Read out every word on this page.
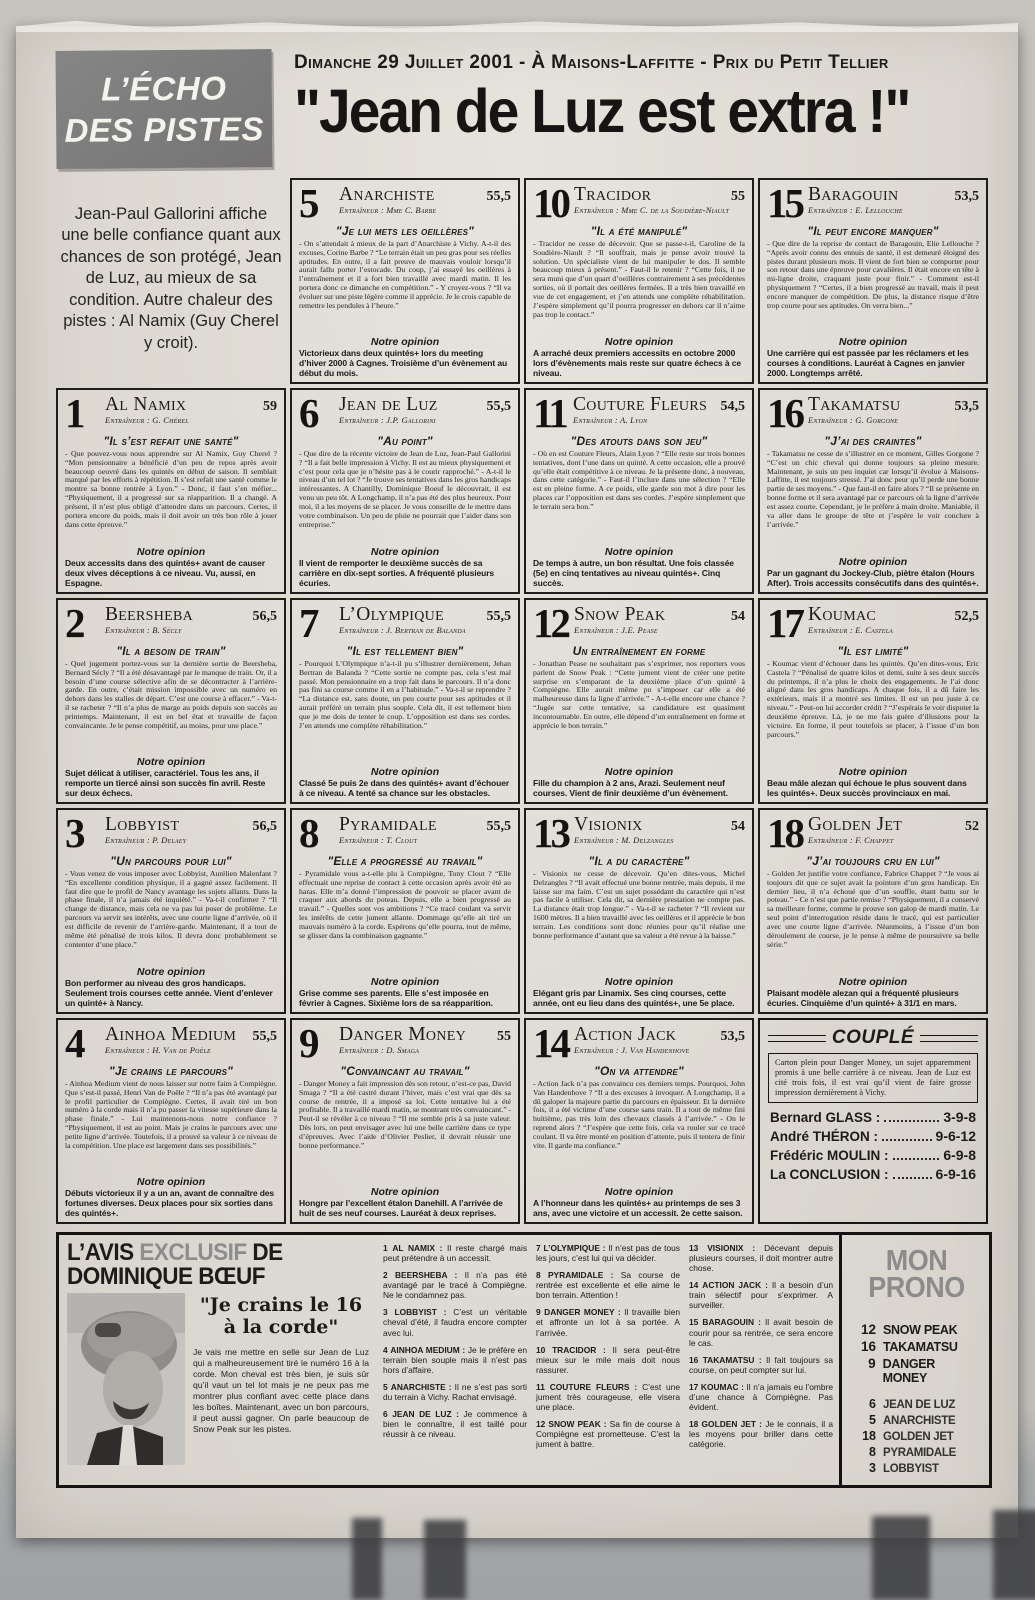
L’ÉCHO
DES PISTES
Dimanche 29 Juillet 2001 - À Maisons-Laffitte - Prix du Petit Tellier
"Jean de Luz est extra !"
Jean-Paul Gallorini affiche une belle confiance quant aux chances de son protégé, Jean de Luz, au mieux de sa condition. Autre chaleur des pistes : Al Namix (Guy Cherel y croit).
1	Al Namix	59
Entraîneur : G. Chérel
"Il s’est refait une santé"
- Que pouvez-vous nous apprendre sur Al Namix, Guy Cherel ? “Mon pensionnaire a bénéficié d’un peu de repos après avoir beaucoup oeuvré dans les quintés en début de saison. Il semblait marqué par les efforts à répétition. Il s’est refait une santé comme le montre sa bonne rentrée à Lyon.” - Donc, il faut s’en méfier... “Physiquement, il a progressé sur sa réapparition. Il a changé. A présent, il n’est plus obligé d’attendre dans un parcours. Certes, il portera encore du poids, mais il doit avoir un très bon rôle à jouer dans cette épreuve.”
Notre opinion
Deux accessits dans des quintés+ avant de causer deux vives déceptions à ce niveau. Vu, aussi, en Espagne.
2	Beersheba	56,5
Entraîneur : B. Sécly
"Il a besoin de train"
- Quel jugement portez-vous sur la dernière sortie de Beersheba, Bernard Sécly ? “Il a été désavantagé par le manque de train. Or, il a besoin d’une course sélective afin de se décontracter à l’arrière-garde. En outre, c’était mission impossible avec un numéro en dehors dans les stalles de départ. C’est une course à effacer.” - Va-t-il se racheter ? “Il n’a plus de marge au poids depuis son succès au printemps. Maintenant, il est en bel état et travaille de façon convaincante. Je le pense compétitif, au moins, pour une place.”
Notre opinion
Sujet délicat à utiliser, caractériel. Tous les ans, il remporte un tiercé ainsi son succès fin avril. Reste sur deux échecs.
3	Lobbyist	56,5
Entraîneur : P. Delaey
"Un parcours pour lui"
- Vous venez de vous imposer avec Lobbyist, Aurélien Malenfant ? “En excellente condition physique, il a gagné assez facilement. Il faut dire que le profil de Nancy avantage les sujets allants. Dans la phase finale, il n’a jamais été inquiété.” - Va-t-il confirmer ? “Il change de distance, mais cela ne va pas lui poser de problème. Le parcours va servir ses intérêts, avec une courte ligne d’arrivée, où il est difficile de revenir de l’arrière-garde. Maintenant, il a tout de même été pénalisé de trois kilos. Il devra donc probablement se contenter d’une place.”
Notre opinion
Bon performer au niveau des gros handicaps. Seulement trois courses cette année. Vient d’enlever un quinté+ à Nancy.
4	Ainhoa Medium	55,5
Entraîneur : H. Van de Poële
"Je crains le parcours"
- Ainhoa Medium vient de nous laisser sur notre faim à Compiègne. Que s’est-il passé, Henri Van de Poële ? “Il n’a pas été avantagé par le profil particulier de Compiègne. Certes, il avait tiré un bon numéro à la corde mais il n’a pu passer la vitesse supérieure dans la phase finale.” - Lui maintenons-nous notre confiance ? “Physiquement, il est au point. Mais je crains le parcours avec une petite ligne d’arrivée. Toutefois, il a prouvé sa valeur à ce niveau de la compétition. Une place est largement dans ses possibilités.”
Notre opinion
Débuts victorieux il y a un an, avant de connaître des fortunes diverses. Deux places pour six sorties dans des quintés+.
5	Anarchiste	55,5
Entraîneur : Mme C. Barbe
"Je lui mets les oeillères"
- On s’attendait à mieux de la part d’Anarchiste à Vichy. A-t-il des excuses, Corine Barbe ? “Le terrain était un peu gras pour ses réelles aptitudes. En outre, il a fait preuve de mauvais vouloir lorsqu’il aurait fallu porter l’estocade. Du coup, j’ai essayé les oeillères à l’entraînement et il a fort bien travaillé avec mardi matin. Il les portera donc ce dimanche en compétition.” - Y croyez-vous ? “Il va évoluer sur une piste légère comme il apprécie. Je le crois capable de remettre les pendules à l’heure.”
Notre opinion
Victorieux dans deux quintés+ lors du meeting d’hiver 2000 à Cagnes. Troisième d’un évènement au début du mois.
6	Jean de Luz	55,5
Entraîneur : J.P. Gallorini
"Au point"
- Que dire de la récente victoire de Jean de Luz, Jean-Paul Gallorini ? “Il a fait belle impression à Vichy. Il est au mieux physiquement et c’est pour cela que je n’hésite pas à le courir rapproché.” - A-t-il le niveau d’un tel lot ? “Je trouve ses tentatives dans les gros handicaps intéressantes. A Chantilly, Dominique Boeuf le découvrait, il est venu un peu tôt. A Longchamp, il n’a pas été des plus heureux. Pour moi, il a les moyens de se placer. Je vous conseille de le mettre dans votre combinaison. Un peu de pluie ne pourrait que l’aider dans son entreprise.”
Notre opinion
Il vient de remporter le deuxième succès de sa carrière en dix-sept sorties. A fréquenté plusieurs écuries.
7	L’Olympique	55,5
Entraîneur : J. Bertran de Balanda
"Il est tellement bien"
- Pourquoi L’Olympique n’a-t-il pu s’illustrer dernièrement, Jehan Bertran de Balanda ? “Cette sortie ne compte pas, cela s’est mal passé. Mon pensionnaire en a trop fait dans le parcours. Il n’a donc pas fini sa course comme il en a l’habitude.” - Va-t-il se reprendre ? “La distance est, sans doute, un peu courte pour ses aptitudes et il aurait préféré un terrain plus souple. Cela dit, il est tellement bien que je me dois de tenter le coup. L’opposition est dans ses cordes. J’en attends une complète réhabilitation.”
Notre opinion
Classé 5e puis 2e dans des quintés+ avant d’échouer à ce niveau. A tenté sa chance sur les obstacles.
8	Pyramidale	55,5
Entraîneur : T. Clout
"Elle a progressé au travail"
- Pyramidale vous a-t-elle plu à Compiègne, Tony Clout ? “Elle effectuait une reprise de contact à cette occasion après avoir été au haras. Elle m’a donné l’impression de pouvoir se placer avant de craquer aux abords du poteau. Depuis, elle a bien progressé au travail.” - Quelles sont vos ambitions ? “Ce tracé coulant va servir les intérêts de cette jument allante. Dommage qu’elle ait tiré un mauvais numéro à la corde. Espérons qu’elle pourra, tout de même, se glisser dans la combinaison gagnante.”
Notre opinion
Grise comme ses parents. Elle s’est imposée en février à Cagnes. Sixième lors de sa réapparition.
9	Danger Money	55
Entraîneur : D. Smaga
"Convaincant au travail"
- Danger Money a fait impression dès son retour, n’est-ce pas, David Smaga ? “Il a été castré durant l’hiver, mais c’est vrai que dès sa course de rentrée, il a imposé sa loi. Cette tentative lui a été profitable. Il a travaillé mardi matin, se montrant très convaincant.” - Peut-il se révéler à ce niveau ? “Il me semble pris à sa juste valeur. Dès lors, on peut envisager avec lui une belle carrière dans ce type d’épreuves. Avec l’aide d’Olivier Peslier, il devrait réussir une bonne performance.”
Notre opinion
Hongre par l’excellent étalon Danehill. A l’arrivée de huit de ses neuf courses. Lauréat à deux reprises.
10 Tracidor	55
Entraîneur : Mme C. de la Soudière-Niault
"Il a été manipulé"
- Tracidor ne cesse de décevoir. Que se passe-t-il, Caroline de la Soudière-Niault ? “Il souffrait, mais je pense avoir trouvé la solution. Un spécialiste vient de lui manipuler le dos. Il semble beaucoup mieux à présent.” - Faut-il le retenir ? “Cette fois, il ne sera muni que d’un quart d’oeillères contrairement à ses précédentes sorties, où il portait des oeillères fermées. Il a très bien travaillé en vue de cet engagement, et j’en attends une complète réhabilitation. J’espère simplement qu’il pourra progresser en dehors car il n’aime pas trop le contact.”
Notre opinion
A arraché deux premiers accessits en octobre 2000 lors d’évènements mais reste sur quatre échecs à ce niveau.
11 Couture Fleurs 54,5
Entraîneur : A. Lyon
"Des atouts dans son jeu"
- Où en est Couture Fleurs, Alain Lyon ? “Elle reste sur trois bonnes tentatives, dont l’une dans un quinté. A cette occasion, elle a prouvé qu’elle était compétitive à ce niveau. Je la présente donc, à nouveau, dans cette catégorie.” - Faut-il l’inclure dans une sélection ? “Elle est en pleine forme. A ce poids, elle garde son mot à dire pour les places car l’opposition est dans ses cordes. J’espère simplement que le terrain sera bon.”
Notre opinion
De temps à autre, un bon résultat. Une fois classée (5e) en cinq tentatives au niveau quintés+. Cinq succès.
12 Snow Peak	54
Entraîneur : J.E. Pease
Un entraînement en forme
- Jonathan Pease ne souhaitant pas s’exprimer, nos reporters vous parlent de Snow Peak : “Cette jument vient de créer une petite surprise en s’emparant de la deuxième place d’un quinté à Compiègne. Elle aurait même pu s’imposer car elle a été malheureuse dans la ligne d’arrivée.” - A-t-elle encore une chance ? “Jugée sur cette tentative, sa candidature est quasiment incontournable. En outre, elle dépend d’un entraînement en forme et apprécie le bon terrain.”
Notre opinion
Fille du champion à 2 ans, Arazi. Seulement neuf courses. Vient de finir deuxième d’un évènement.
13 Visionix	54
Entraîneur : M. Delzangles
"Il a du caractère"
- Visionix ne cesse de décevoir. Qu’en dites-vous, Michel Delzangles ? “Il avait effectué une bonne rentrée, mais depuis, il me laisse sur ma faim. C’est un sujet possédant du caractère qui n’est pas facile à utiliser. Cela dit, sa dernière prestation ne compte pas. La distance était trop longue.” - Va-t-il se racheter ? “Il revient sur 1600 mètres. Il a bien travaillé avec les oeillères et il apprécie le bon terrain. Les conditions sont donc réunies pour qu’il réalise une bonne performance d’autant que sa valeur a été revue à la baisse.”
Notre opinion
Elégant gris par Linamix. Ses cinq courses, cette année, ont eu lieu dans des quintés+, une 5e place.
14 Action Jack	53,5
Entraîneur : J. Van Handenhove
"On va attendre"
- Action Jack n’a pas convaincu ces derniers temps. Pourquoi, John Van Handenhove ? “Il a des excuses à invoquer. A Longchamp, il a dû galoper la majeure partie du parcours en épaisseur. Et la dernière fois, il a été victime d’une course sans train. Il a tout de même fini huitième, pas très loin des chevaux classés à l’arrivée.” - On le reprend alors ? “J’espère que cette fois, cela va rouler sur ce tracé coulant. Il va être monté en position d’attente, puis il tentera de finir vite. Il garde ma confiance.”
Notre opinion
A l’honneur dans les quintés+ au printemps de ses 3 ans, avec une victoire et un accessit. 2e cette saison.
15 Baragouin	53,5
Entraîneur : E. Lellouche
"Il peut encore manquer"
- Que dire de la reprise de contact de Baragouin, Elie Lellouche ? “Après avoir connu des ennuis de santé, il est demeuré éloigné des pistes durant plusieurs mois. Il vient de fort bien se comporter pour son retour dans une épreuve pour cavalières. Il était encore en tête à mi-ligne droite, craquant juste pour finir.” - Comment est-il physiquement ? “Certes, il a bien progressé au travail, mais il peut encore manquer de compétition. De plus, la distance risque d’être trop courte pour ses aptitudes. On verra bien...”
Notre opinion
Une carrière qui est passée par les réclamers et les courses à conditions. Lauréat à Cagnes en janvier 2000. Longtemps arrêté.
16 Takamatsu	53,5
Entraîneur : G. Gorgone
"J’ai des craintes"
- Takamatsu ne cesse de s’illustrer en ce moment, Gilles Gorgone ? “C’est un chic cheval qui donne toujours sa pleine mesure. Maintenant, je suis un peu inquiet car lorsqu’il évolue à Maisons-Laffitte, il est toujours stressé. J’ai donc peur qu’il perde une bonne partie de ses moyens.” - Que faut-il en faire alors ? “Il se présente en bonne forme et il sera avantagé par ce parcours où la ligne d’arrivée est assez courte. Cependant, je le préfère à main droite. Maniable, il va aller dans le groupe de tête et j’espère le voir conclure à l’arrivée.”
Notre opinion
Par un gagnant du Jockey-Club, piètre étalon (Hours After). Trois accessits consécutifs dans des quintés+.
17 Koumac	52,5
Entraîneur : E. Castela
"Il est limité"
- Koumac vient d’échouer dans les quintés. Qu’en dites-vous, Eric Castela ? “Pénalisé de quatre kilos et demi, suite à ses deux succès du printemps, il n’a plus le choix des engagements. Je l’ai donc aligné dans les gros handicaps. A chaque fois, il a dû faire les extérieurs, mais il a montré ses limites. Il est un peu juste à ce niveau.” - Peut-on lui accorder crédit ? “J’espérais le voir disputer la deuxième épreuve. Là, je ne me fais guère d’illusions pour la victoire. En forme, il peut toutefois se placer, à l’issue d’un bon parcours.”
Notre opinion
Beau mâle alezan qui échoue le plus souvent dans les quintés+. Deux succès provinciaux en mai.
18 Golden Jet	52
Entraîneur : F. Chappet
"J’ai toujours cru en lui"
- Golden Jet justifie votre confiance, Fabrice Chappet ? “Je vous ai toujours dit que ce sujet avait la pointure d’un gros handicap. En dernier lieu, il n’a échoué que d’un souffle, étant battu sur le poteau.” - Ce n’est que partie remise ? “Physiquement, il a conservé sa meilleure forme, comme le prouve son galop de mardi matin. Le seul point d’interrogation réside dans le tracé, qui est particulier avec une courte ligne d’arrivée. Néanmoins, à l’issue d’un bon déroulement de course, je le pense à même de poursuivre sa belle série.”
Notre opinion
Plaisant modèle alezan qui a fréquenté plusieurs écuries. Cinquième d’un quinté+ à 31/1 en mars.
COUPLÉ
Carton plein pour Danger Money, un sujet apparemment promis à une belle carrière à ce niveau. Jean de Luz est cité trois fois, il est vrai qu’il vient de faire grosse impression dernièrement à Vichy.
Bernard GLASS :	3-9-8
André THÉRON :	9-6-12
Frédéric MOULIN :	6-9-8
La CONCLUSION :	6-9-16
L’AVIS EXCLUSIF DE
DOMINIQUE BŒUF
"Je crains le 16 à la corde"
Je vais me mettre en selle sur Jean de Luz qui a malheureusement tiré le numéro 16 à la corde. Mon cheval est très bien, je suis sûr qu’il vaut un tel lot mais je ne peux pas me montrer plus confiant avec cette place dans les boîtes. Maintenant, avec un bon parcours, il peut aussi gagner. On parle beaucoup de Snow Peak sur les pistes.
1 AL NAMIX : Il reste chargé mais peut prétendre à un accessit.
2 BEERSHEBA : Il n’a pas été avantagé par le tracé à Compiègne. Ne le condamnez pas.
3 LOBBYIST : C’est un véritable cheval d’été, il faudra encore compter avec lui.
4 AINHOA MEDIUM : Je le préfère en terrain bien souple mais il n’est pas hors d’affaire.
5 ANARCHISTE : Il ne s’est pas sorti du terrain à Vichy. Rachat envisagé.
6 JEAN DE LUZ : Je commence à bien le connaître, il est taillé pour réussir à ce niveau.
7 L’OLYMPIQUE : Il n’est pas de tous les jours, c’est lui qui va décider.
8 PYRAMIDALE : Sa course de rentrée est excellente et elle aime le bon terrain. Attention !
9 DANGER MONEY : Il travaille bien et affronte un lot à sa portée. A l’arrivée.
10 TRACIDOR : Il sera peut-être mieux sur le mile mais doit nous rassurer.
11 COUTURE FLEURS : C’est une jument très courageuse, elle visera une place.
12 SNOW PEAK : Sa fin de course à Compiègne est prometteuse. C’est la jument à battre.
13 VISIONIX : Décevant depuis plusieurs courses, il doit montrer autre chose.
14 ACTION JACK : Il a besoin d’un train sélectif pour s’exprimer. A surveiller.
15 BARAGOUIN : Il avait besoin de courir pour sa rentrée, ce sera encore le cas.
16 TAKAMATSU : Il fait toujours sa course, on peut compter sur lui.
17 KOUMAC : Il n’a jamais eu l’ombre d’une chance à Compiègne. Pas évident.
18 GOLDEN JET : Je le connais, il a les moyens pour briller dans cette catégorie.
MON PRONO
12 SNOW PEAK
16 TAKAMATSU
9 DANGER MONEY
6 JEAN DE LUZ
5 ANARCHISTE
18 GOLDEN JET
8 PYRAMIDALE
3 LOBBYIST
